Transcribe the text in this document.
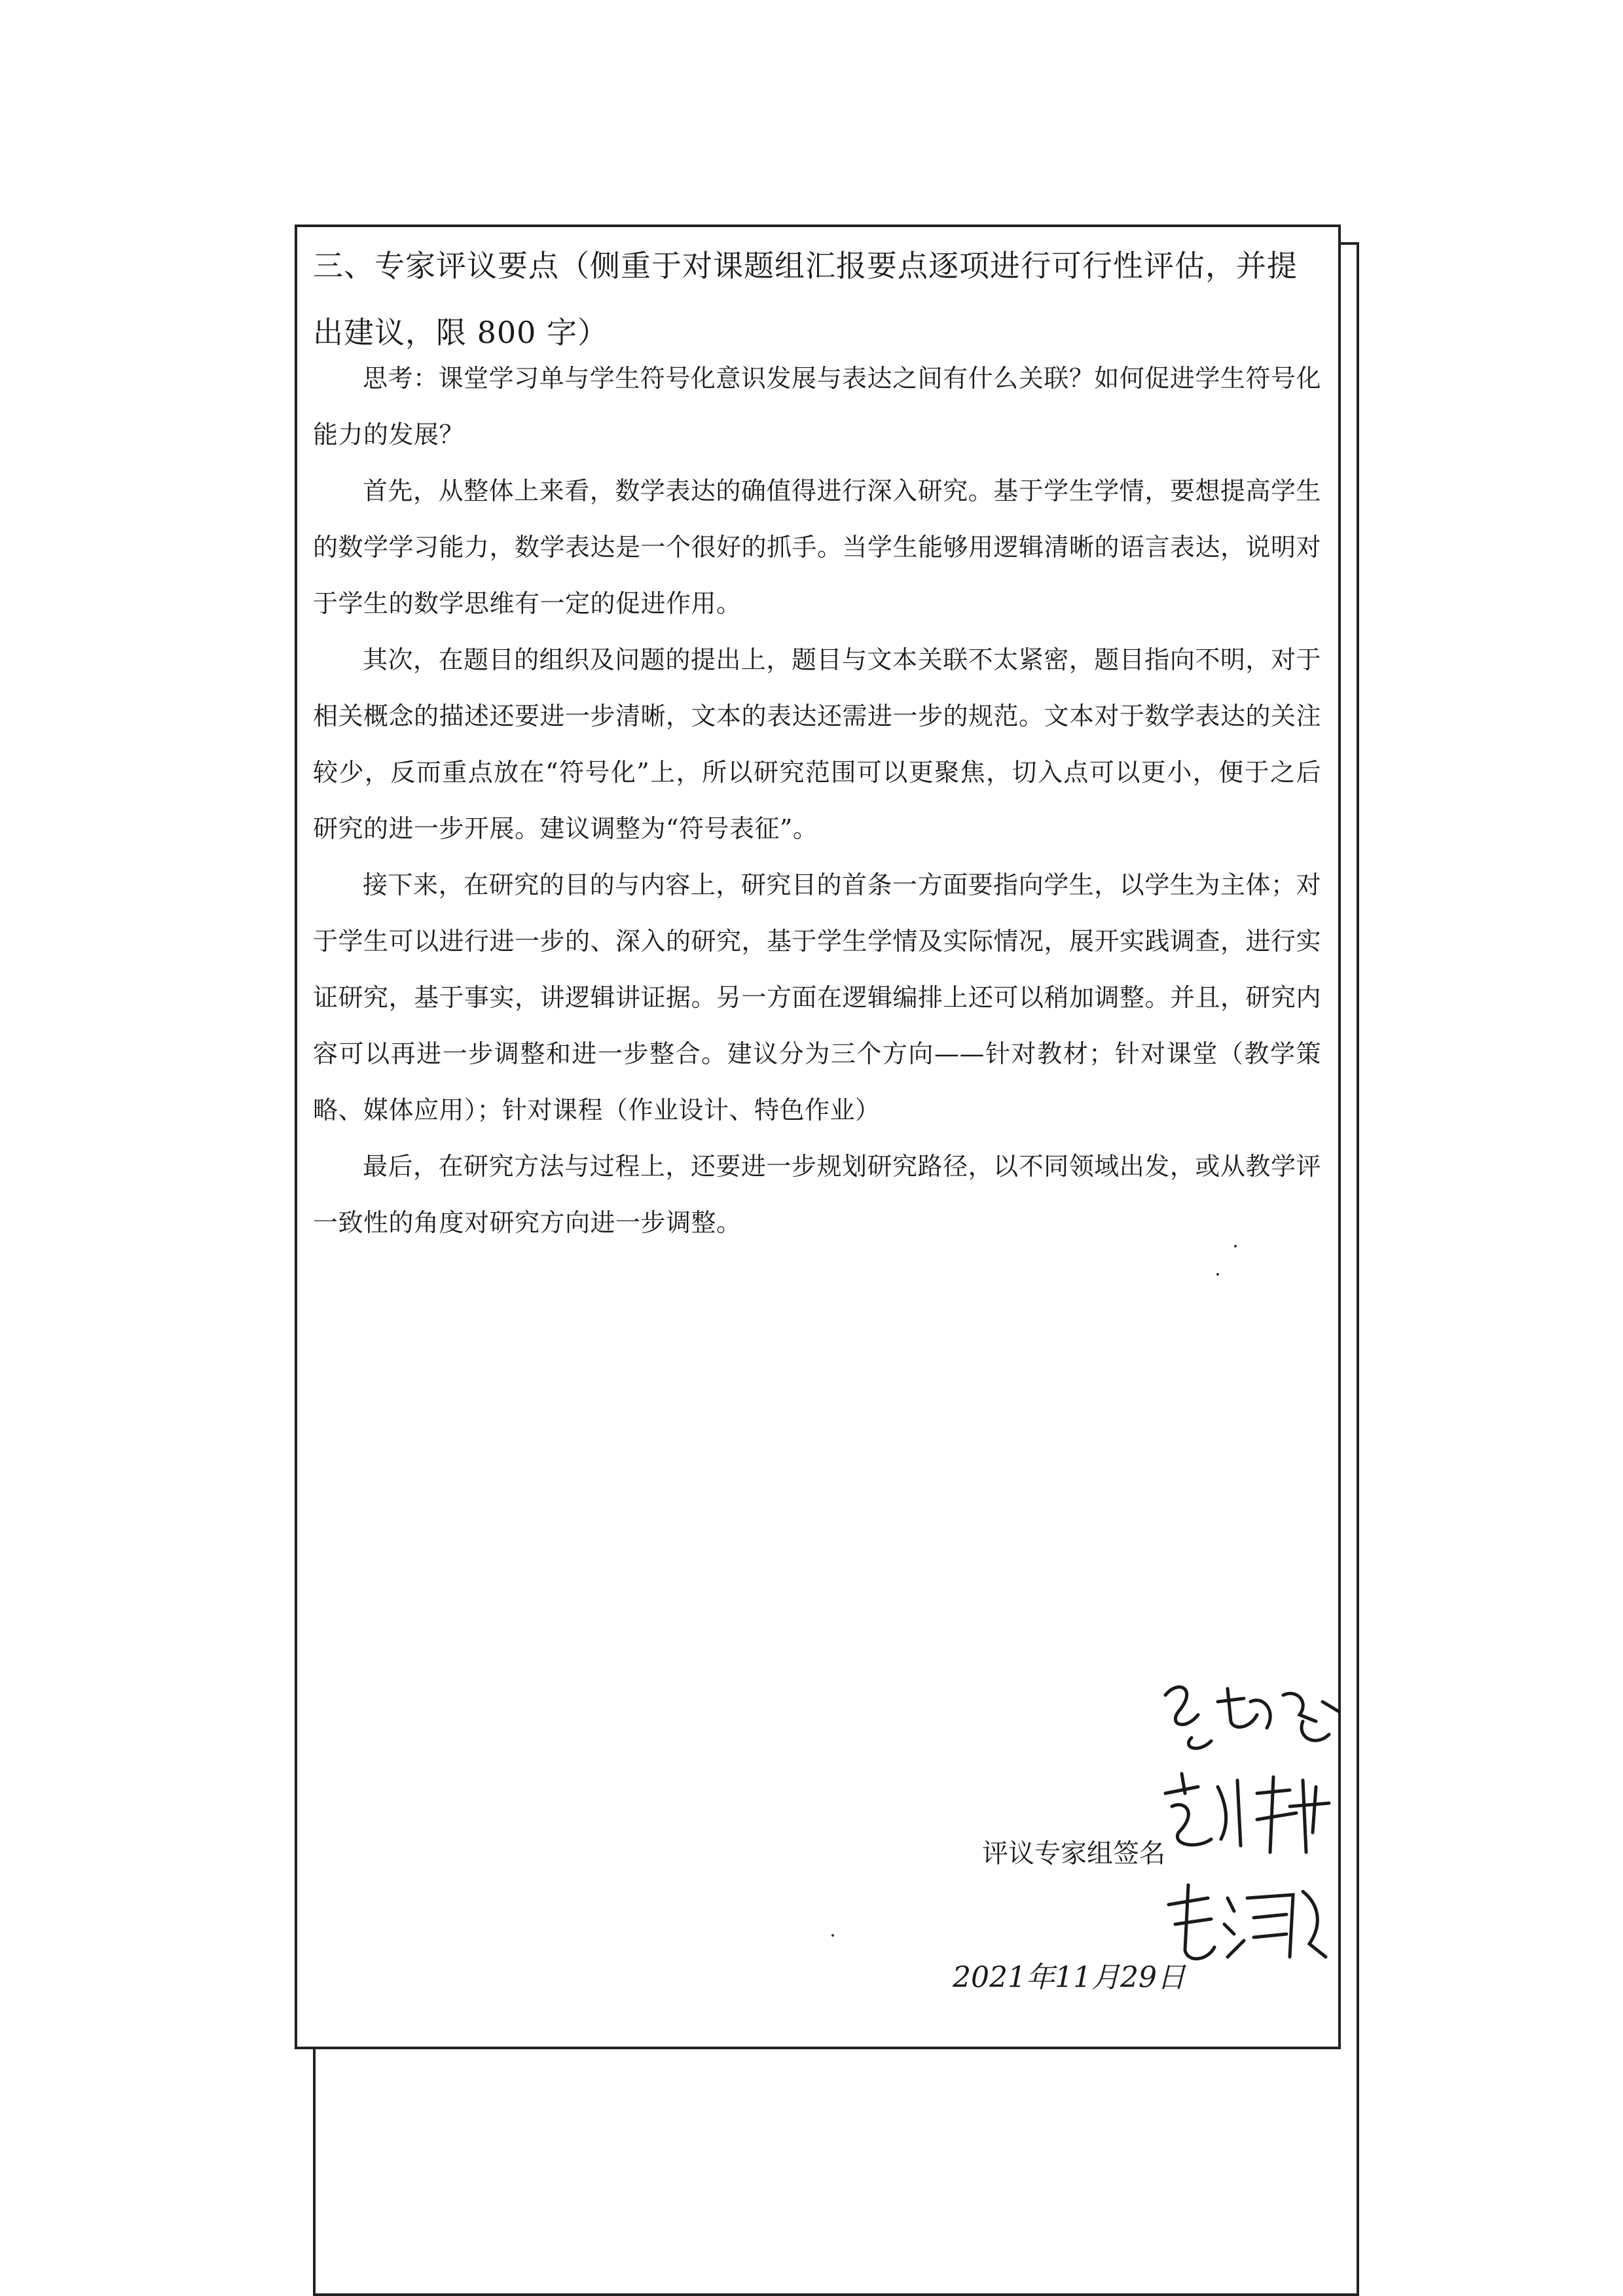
三、专家评议要点（侧重于对课题组汇报要点逐项进行可行性评估，并提出建议，限 800 字）

思考：课堂学习单与学生符号化意识发展与表达之间有什么关联？如何促进学生符号化能力的发展？

首先，从整体上来看，数学表达的确值得进行深入研究。基于学生学情，要想提高学生的数学学习能力，数学表达是一个很好的抓手。当学生能够用逻辑清晰的语言表达，说明对于学生的数学思维有一定的促进作用。

其次，在题目的组织及问题的提出上，题目与文本关联不太紧密，题目指向不明，对于相关概念的描述还要进一步清晰，文本的表达还需进一步的规范。文本对于数学表达的关注较少，反而重点放在“符号化”上，所以研究范围可以更聚焦，切入点可以更小，便于之后研究的进一步开展。建议调整为“符号表征”。

接下来，在研究的目的与内容上，研究目的首条一方面要指向学生，以学生为主体；对于学生可以进行进一步的、深入的研究，基于学生学情及实际情况，展开实践调查，进行实证研究，基于事实，讲逻辑讲证据。另一方面在逻辑编排上还可以稍加调整。并且，研究内容可以再进一步调整和进一步整合。建议分为三个方向——针对教材；针对课堂（教学策略、媒体应用）；针对课程（作业设计、特色作业）

最后，在研究方法与过程上，还要进一步规划研究路径，以不同领域出发，或从教学评一致性的角度对研究方向进一步调整。

评议专家组签名
2021年11月29日
